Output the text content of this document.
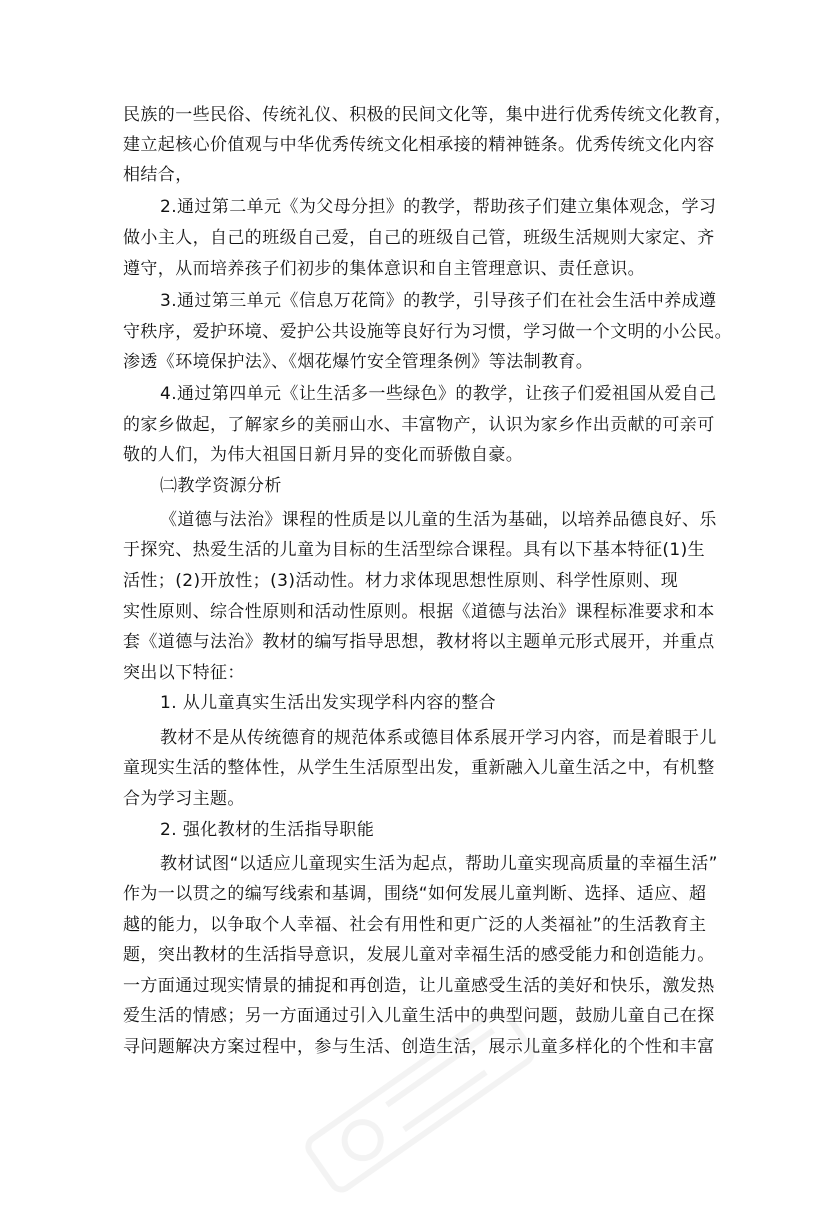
民族的一些民俗、传统礼仪、积极的民间文化等，集中进行优秀传统文化教育，
建立起核心价值观与中华优秀传统文化相承接的精神链条。优秀传统文化内容
相结合，
2.通过第二单元《为父母分担》的教学，帮助孩子们建立集体观念，学习
做小主人，自己的班级自己爱，自己的班级自己管，班级生活规则大家定、齐
遵守，从而培养孩子们初步的集体意识和自主管理意识、责任意识。
3.通过第三单元《信息万花筒》的教学，引导孩子们在社会生活中养成遵
守秩序，爱护环境、爱护公共设施等良好行为习惯，学习做一个文明的小公民。
渗透《环境保护法》、《烟花爆竹安全管理条例》等法制教育。
4.通过第四单元《让生活多一些绿色》的教学，让孩子们爱祖国从爱自己
的家乡做起，了解家乡的美丽山水、丰富物产，认识为家乡作出贡献的可亲可
敬的人们，为伟大祖国日新月异的变化而骄傲自豪。
㈡教学资源分析
《道德与法治》课程的性质是以儿童的生活为基础，以培养品德良好、乐
于探究、热爱生活的儿童为目标的生活型综合课程。具有以下基本特征(1)生
活性；(2)开放性；(3)活动性。材力求体现思想性原则、科学性原则、现
实性原则、综合性原则和活动性原则。根据《道德与法治》课程标准要求和本
套《道德与法治》教材的编写指导思想，教材将以主题单元形式展开，并重点
突出以下特征：
1. 从儿童真实生活出发实现学科内容的整合
教材不是从传统德育的规范体系或德目体系展开学习内容，而是着眼于儿
童现实生活的整体性，从学生生活原型出发，重新融入儿童生活之中，有机整
合为学习主题。
2. 强化教材的生活指导职能
教材试图“以适应儿童现实生活为起点，帮助儿童实现高质量的幸福生活”
作为一以贯之的编写线索和基调，围绕“如何发展儿童判断、选择、适应、超
越的能力，以争取个人幸福、社会有用性和更广泛的人类福祉”的生活教育主
题，突出教材的生活指导意识，发展儿童对幸福生活的感受能力和创造能力。
一方面通过现实情景的捕捉和再创造，让儿童感受生活的美好和快乐，激发热
爱生活的情感；另一方面通过引入儿童生活中的典型问题，鼓励儿童自己在探
寻问题解决方案过程中，参与生活、创造生活，展示儿童多样化的个性和丰富
